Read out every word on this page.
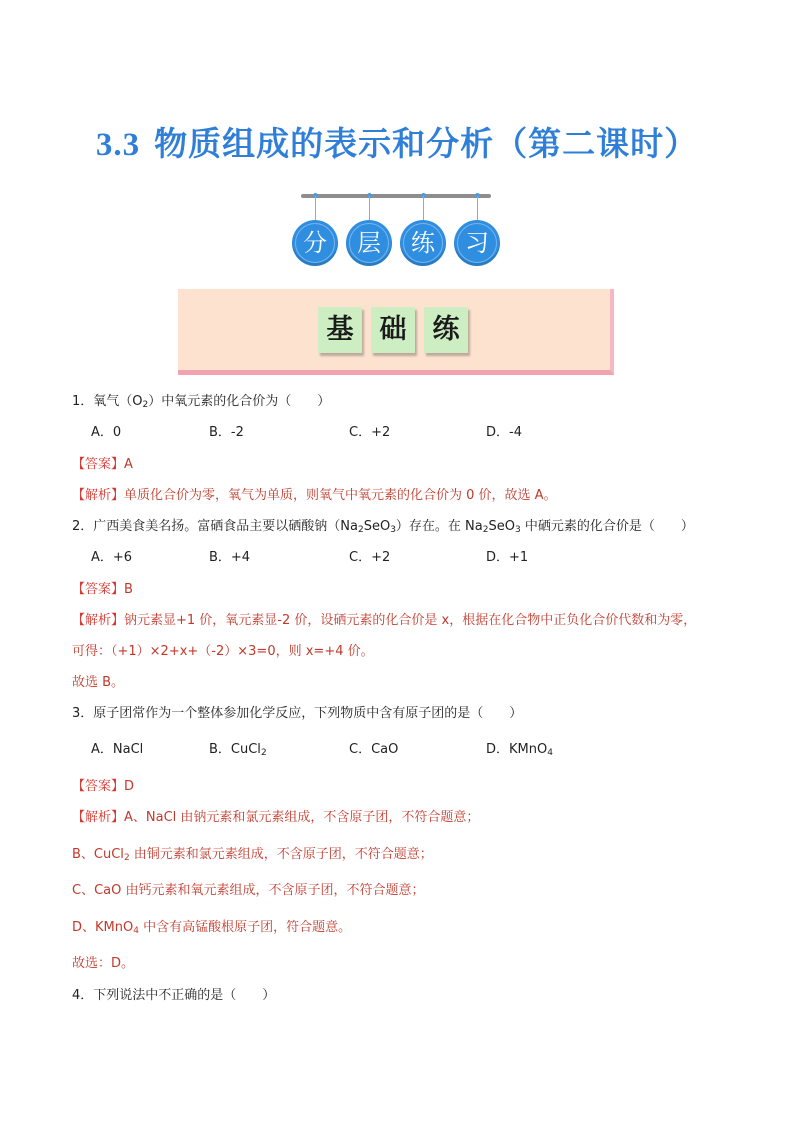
3.3 物质组成的表示和分析（第二课时）
分	层	练	习
基 础 练
1．氧气$(O_2)$中氧元素的化合价为（　　）
A．0	B．-2	C．+2	D．-4
【答案】A
【解析】单质化合价为零，氧气为单质，则氧气中氧元素的化合价为 0 价，故选 A。
2．广西美食美名扬。富硒食品主要以硒酸钠$(Na_2SeO_3)$存在。在 $Na_2SeO_3$ 中硒元素的化合价是（　　）
A．+6	B．+4	C．+2	D．+1
【答案】B
【解析】钠元素显+1 价，氧元素显-2 价，设硒元素的化合价是 x，根据在化合物中正负化合价代数和为零，
可得：（+1）×2+x+（-2）×3=0，则 x=+4 价。
故选 B。
3．原子团常作为一个整体参加化学反应，下列物质中含有原子团的是（　　）
A．NaCl	B．CuCl$_2$	C．CaO	D．KMnO$_4$
【答案】D
【解析】A、NaCl 由钠元素和氯元素组成，不含原子团，不符合题意；
B、CuCl$_2$ 由铜元素和氯元素组成，不含原子团，不符合题意；
C、CaO 由钙元素和氧元素组成，不含原子团，不符合题意；
D、KMnO$_4$ 中含有高锰酸根原子团，符合题意。
故选：D。
4．下列说法中不正确的是（　　）
